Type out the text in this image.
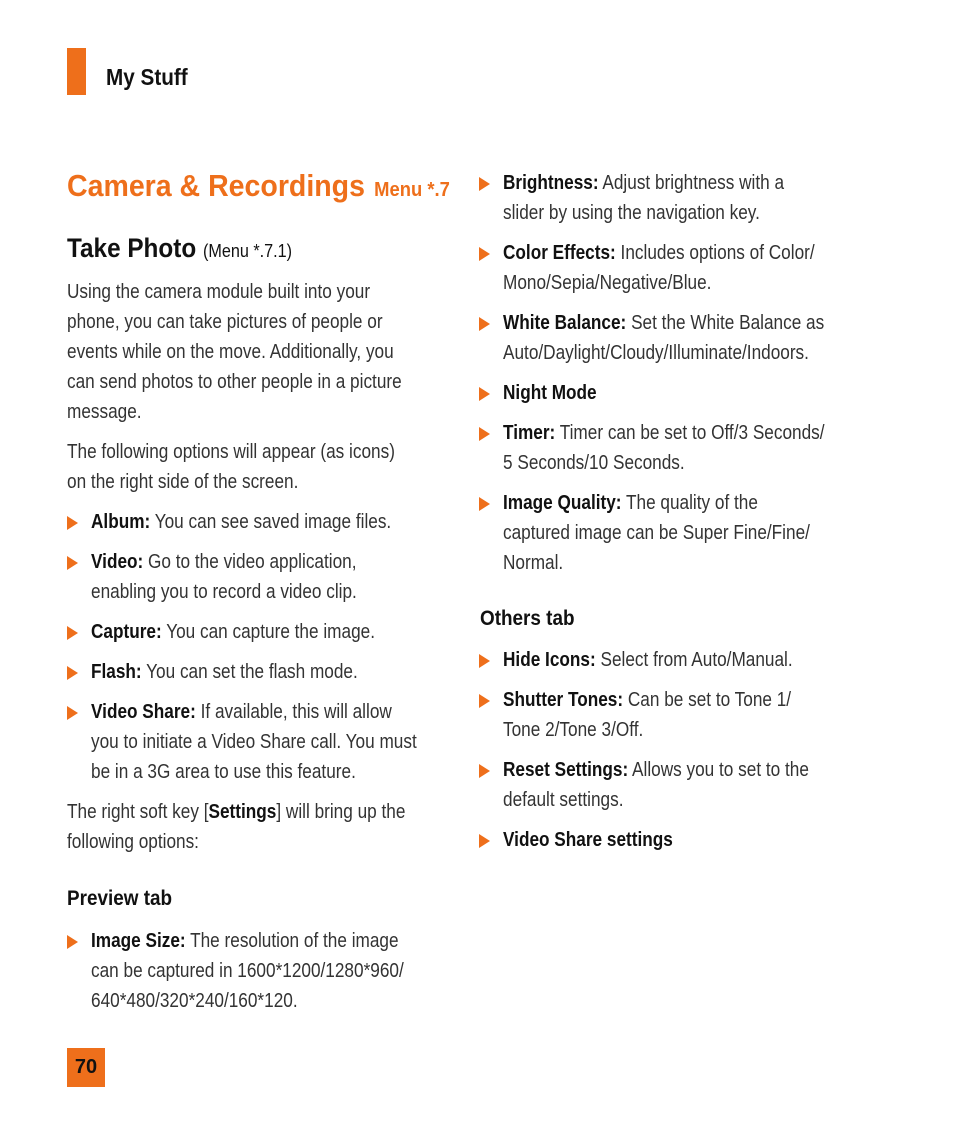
My Stuff
Camera & Recordings Menu *.7
Take Photo (Menu *.7.1)
Using the camera module built into your
phone, you can take pictures of people or
events while on the move. Additionally, you
can send photos to other people in a picture
message.
The following options will appear (as icons)
on the right side of the screen.
Album: You can see saved image files.
Video: Go to the video application,
enabling you to record a video clip.
Capture: You can capture the image.
Flash: You can set the flash mode.
Video Share: If available, this will allow
you to initiate a Video Share call. You must
be in a 3G area to use this feature.
The right soft key [Settings] will bring up the
following options:
Preview tab
Image Size: The resolution of the image
can be captured in 1600*1200/1280*960/
640*480/320*240/160*120.
Brightness: Adjust brightness with a
slider by using the navigation key.
Color Effects: Includes options of Color/
Mono/Sepia/Negative/Blue.
White Balance: Set the White Balance as
Auto/Daylight/Cloudy/Illuminate/Indoors.
Night Mode
Timer: Timer can be set to Off/3 Seconds/
5 Seconds/10 Seconds.
Image Quality: The quality of the
captured image can be Super Fine/Fine/
Normal.
Others tab
Hide Icons: Select from Auto/Manual.
Shutter Tones: Can be set to Tone 1/
Tone 2/Tone 3/Off.
Reset Settings: Allows you to set to the
default settings.
Video Share settings
70
